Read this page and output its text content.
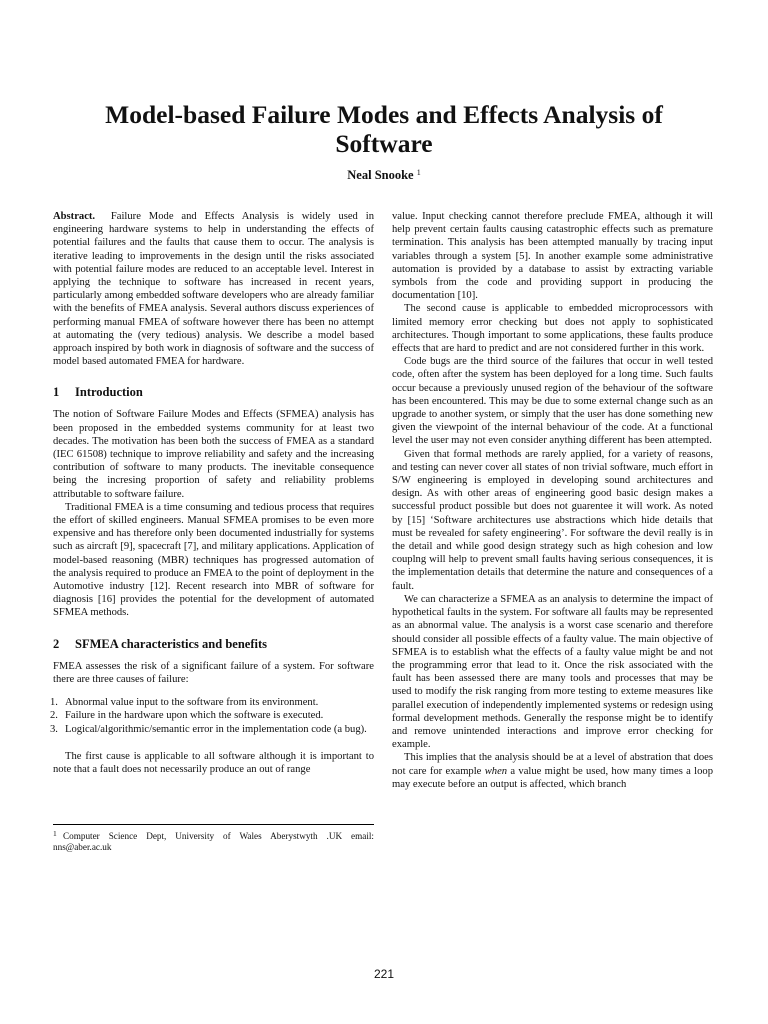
Model-based Failure Modes and Effects Analysis of Software
Neal Snooke $^1$

Abstract. Failure Mode and Effects Analysis is widely used in engineering hardware systems to help in understanding the effects of potential failures and the faults that cause them to occur. The analysis is iterative leading to improvements in the design until the risks associated with potential failure modes are reduced to an acceptable level. Interest in applying the technique to software has increased in recent years, particularly among embedded software developers who are already familiar with the benefits of FMEA analysis. Several authors discuss experiences of performing manual FMEA of software however there has been no attempt at automating the (very tedious) analysis. We describe a model based approach inspired by both work in diagnosis of software and the success of model based automated FMEA for hardware.

1 Introduction

The notion of Software Failure Modes and Effects (SFMEA) analysis has been proposed in the embedded systems community for at least two decades. The motivation has been both the success of FMEA as a standard (IEC 61508) technique to improve reliability and safety and the increasing contribution of software to many products. The inevitable consequence being the incresing proportion of safety and reliability problems attributable to software failure.

Traditional FMEA is a time consuming and tedious process that requires the effort of skilled engineers. Manual SFMEA promises to be even more expensive and has therefore only been documented industrially for systems such as aircraft [9], spacecraft [7], and military applications. Application of model-based reasoning (MBR) techniques has progressed automation of the analysis required to produce an FMEA to the point of deployment in the Automotive industry [12]. Recent research into MBR of software for diagnosis [16] provides the potential for the development of automated SFMEA methods.

2 SFMEA characteristics and benefits

FMEA assesses the risk of a significant failure of a system. For software there are three causes of failure:

1. Abnormal value input to the software from its environment.
2. Failure in the hardware upon which the software is executed.
3. Logical/algorithmic/semantic error in the implementation code (a bug).

The first cause is applicable to all software although it is important to note that a fault does not necessarily produce an out of range

1 Computer Science Dept, University of Wales Aberystwyth .UK email: nns@aber.ac.uk

value. Input checking cannot therefore preclude FMEA, although it will help prevent certain faults causing catastrophic effects such as premature termination. This analysis has been attempted manually by tracing input variables through a system [5]. In another example some administrative automation is provided by a database to assist by extracting variable symbols from the code and providing support in producing the documentation [10].

The second cause is applicable to embedded microprocessors with limited memory error checking but does not apply to sophisticated architectures. Though important to some applications, these faults produce effects that are hard to predict and are not considered further in this work.

Code bugs are the third source of the failures that occur in well tested code, often after the system has been deployed for a long time. Such faults occur because a previously unused region of the behaviour of the software has been encountered. This may be due to some external change such as an upgrade to another system, or simply that the user has done something new given the viewpoint of the internal behaviour of the code. At a functional level the user may not even consider anything different has been attempted.

Given that formal methods are rarely applied, for a variety of reasons, and testing can never cover all states of non trivial software, much effort in S/W engineering is employed in developing sound architectures and design. As with other areas of engineering good basic design makes a successful product possible but does not guarentee it will work. As noted by [15] ‘Software architectures use abstractions which hide details that must be revealed for safety engineering’. For software the devil really is in the detail and while good design strategy such as high cohesion and low couplng will help to prevent small faults having serious consequences, it is the implementation details that determine the nature and consequences of a fault.

We can characterize a SFMEA as an analysis to determine the impact of hypothetical faults in the system. For software all faults may be represented as an abnormal value. The analysis is a worst case scenario and therefore should consider all possible effects of a faulty value. The main objective of SFMEA is to establish what the effects of a faulty value might be and not the programming error that lead to it. Once the risk associated with the fault has been assessed there are many tools and processes that may be used to modify the risk ranging from more testing to exteme measures like parallel execution of independently implemented systems or redesign using formal development methods. Generally the response might be to identify and remove unintended interactions and improve error checking for example.

This implies that the analysis should be at a level of abstration that does not care for example when a value might be used, how many times a loop may execute before an output is affected, which branch

221
